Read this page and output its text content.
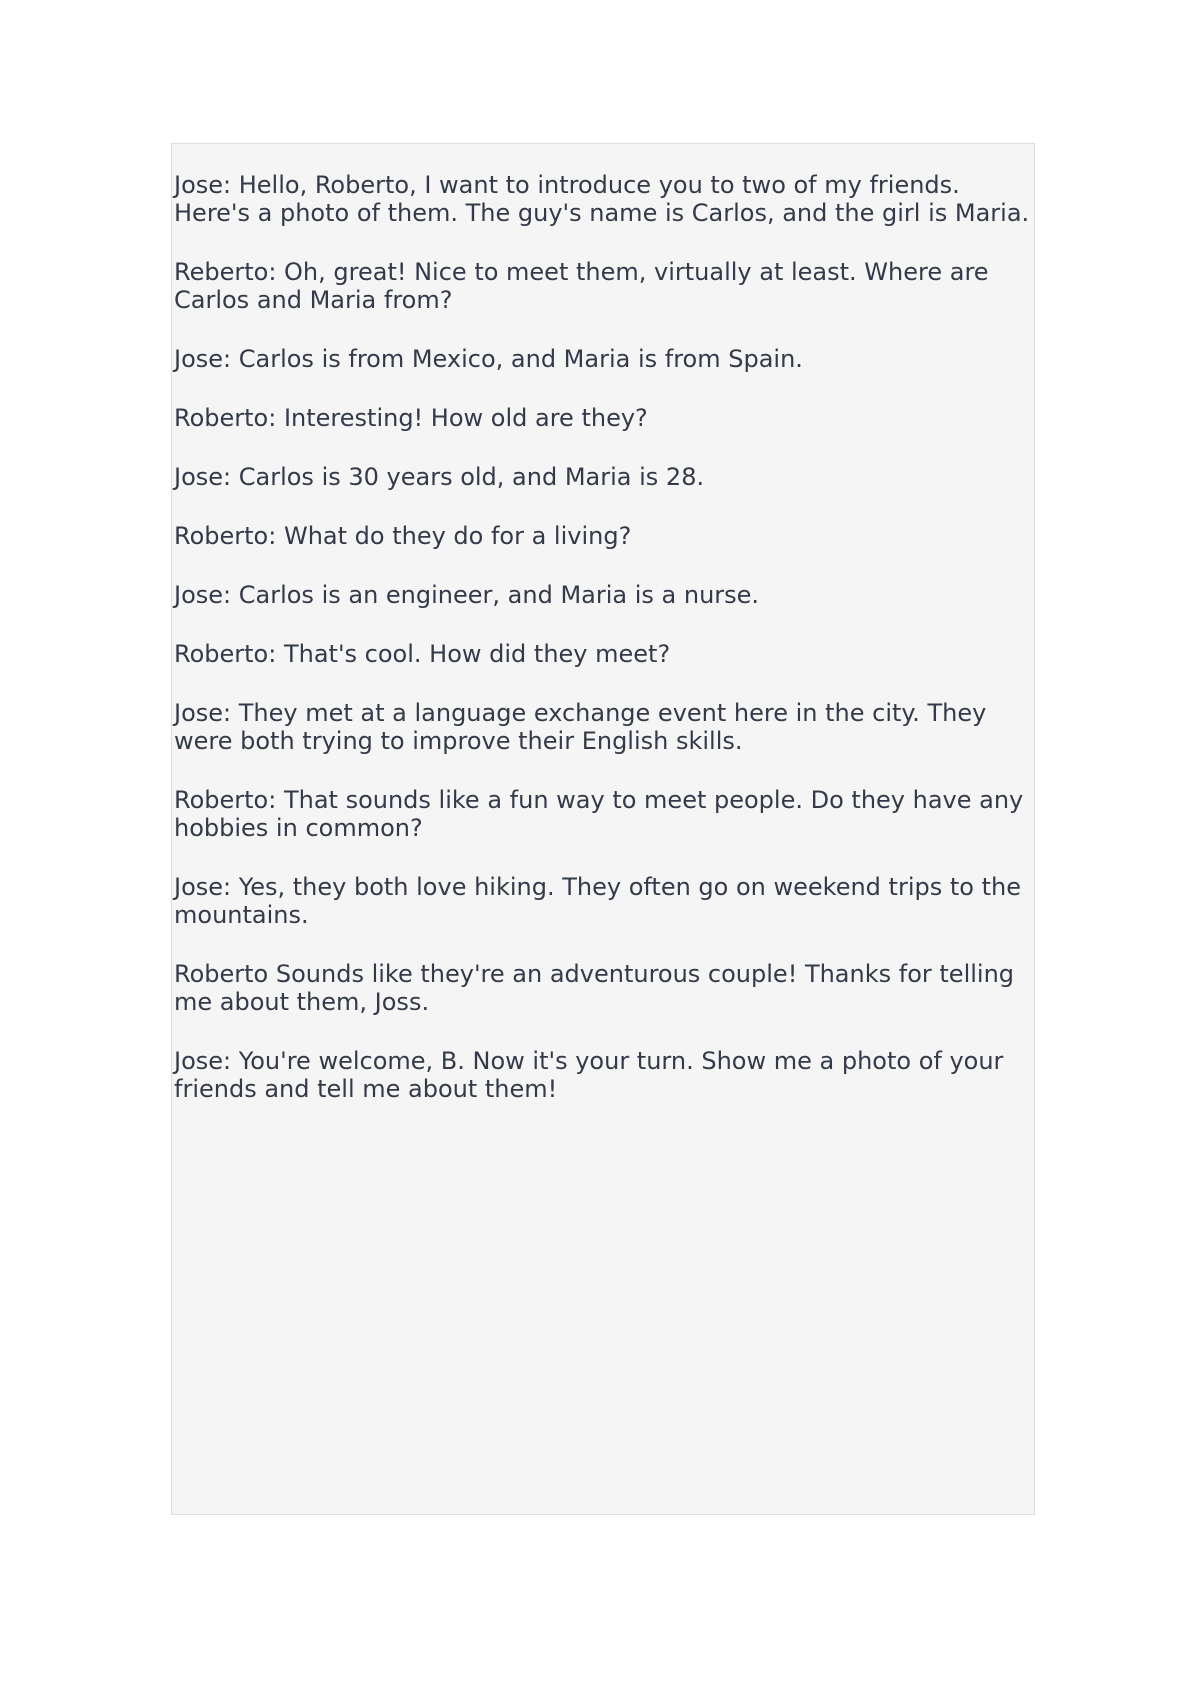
Jose: Hello, Roberto, I want to introduce you to two of my friends. Here's a photo of them. The guy's name is Carlos, and the girl is Maria.

Reberto: Oh, great! Nice to meet them, virtually at least. Where are Carlos and Maria from?

Jose: Carlos is from Mexico, and Maria is from Spain.

Roberto: Interesting! How old are they?

Jose: Carlos is 30 years old, and Maria is 28.

Roberto: What do they do for a living?

Jose: Carlos is an engineer, and Maria is a nurse.

Roberto: That's cool. How did they meet?

Jose: They met at a language exchange event here in the city. They were both trying to improve their English skills.

Roberto: That sounds like a fun way to meet people. Do they have any hobbies in common?

Jose: Yes, they both love hiking. They often go on weekend trips to the mountains.

Roberto Sounds like they're an adventurous couple! Thanks for telling me about them, Joss.

Jose: You're welcome, B. Now it's your turn. Show me a photo of your friends and tell me about them!
